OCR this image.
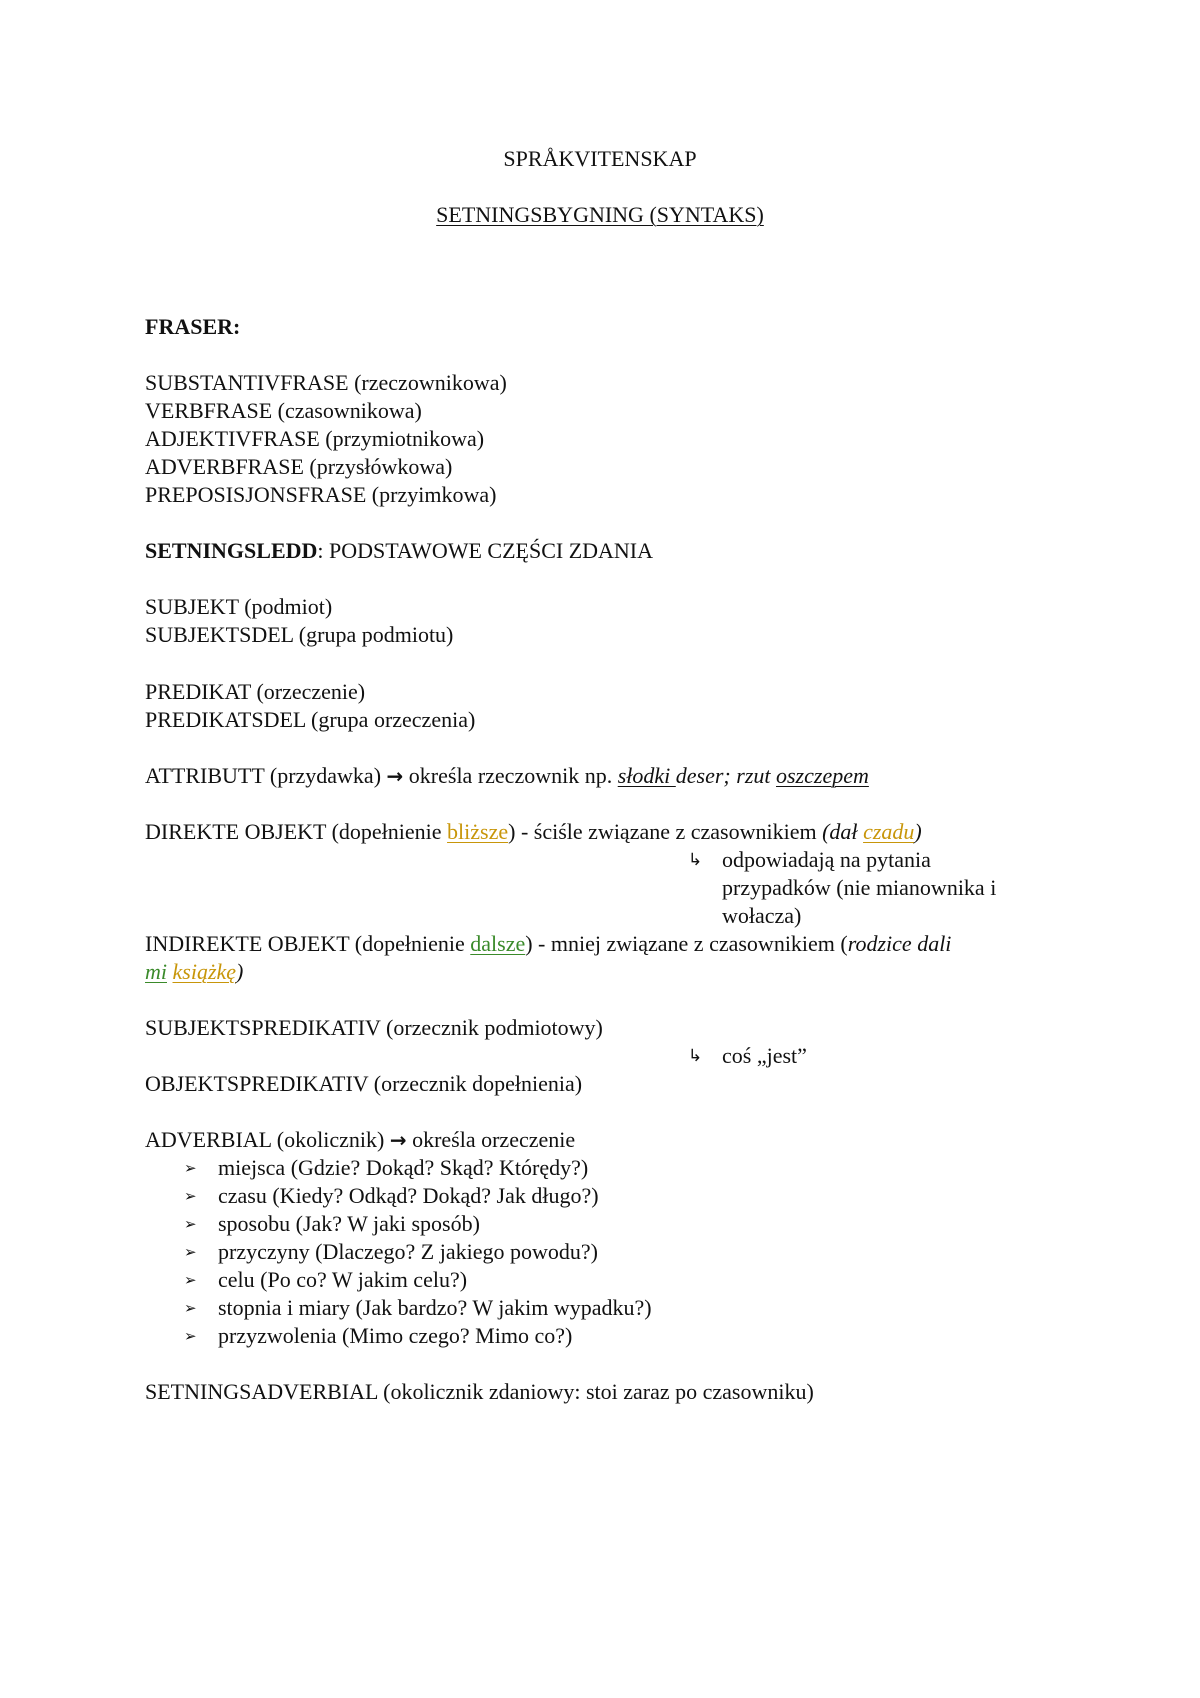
SPRÅKVITENSKAP
SETNINGSBYGNING (SYNTAKS)
FRASER:
SUBSTANTIVFRASE (rzeczownikowa)
VERBFRASE (czasownikowa)
ADJEKTIVFRASE (przymiotnikowa)
ADVERBFRASE (przysłówkowa)
PREPOSISJONSFRASE (przyimkowa)
SETNINGSLEDD: PODSTAWOWE CZĘŚCI ZDANIA
SUBJEKT (podmiot)
SUBJEKTSDEL (grupa podmiotu)
PREDIKAT (orzeczenie)
PREDIKATSDEL (grupa orzeczenia)
ATTRIBUTT (przydawka) → określa rzeczownik np. słodki deser; rzut oszczepem
DIREKTE OBJEKT (dopełnienie bliższe) - ściśle związane z czasownikiem (dał czadu)
↳ odpowiadają na pytania
przypadków (nie mianownika i
wołacza)
INDIREKTE OBJEKT (dopełnienie dalsze) - mniej związane z czasownikiem (rodzice dali
mi książkę)
SUBJEKTSPREDIKATIV (orzecznik podmiotowy)
↳ coś „jest”
OBJEKTSPREDIKATIV (orzecznik dopełnienia)
ADVERBIAL (okolicznik) → określa orzeczenie
➢ miejsca (Gdzie? Dokąd? Skąd? Którędy?)
➢ czasu (Kiedy? Odkąd? Dokąd? Jak długo?)
➢ sposobu (Jak? W jaki sposób)
➢ przyczyny (Dlaczego? Z jakiego powodu?)
➢ celu (Po co? W jakim celu?)
➢ stopnia i miary (Jak bardzo? W jakim wypadku?)
➢ przyzwolenia (Mimo czego? Mimo co?)
SETNINGSADVERBIAL (okolicznik zdaniowy: stoi zaraz po czasowniku)
